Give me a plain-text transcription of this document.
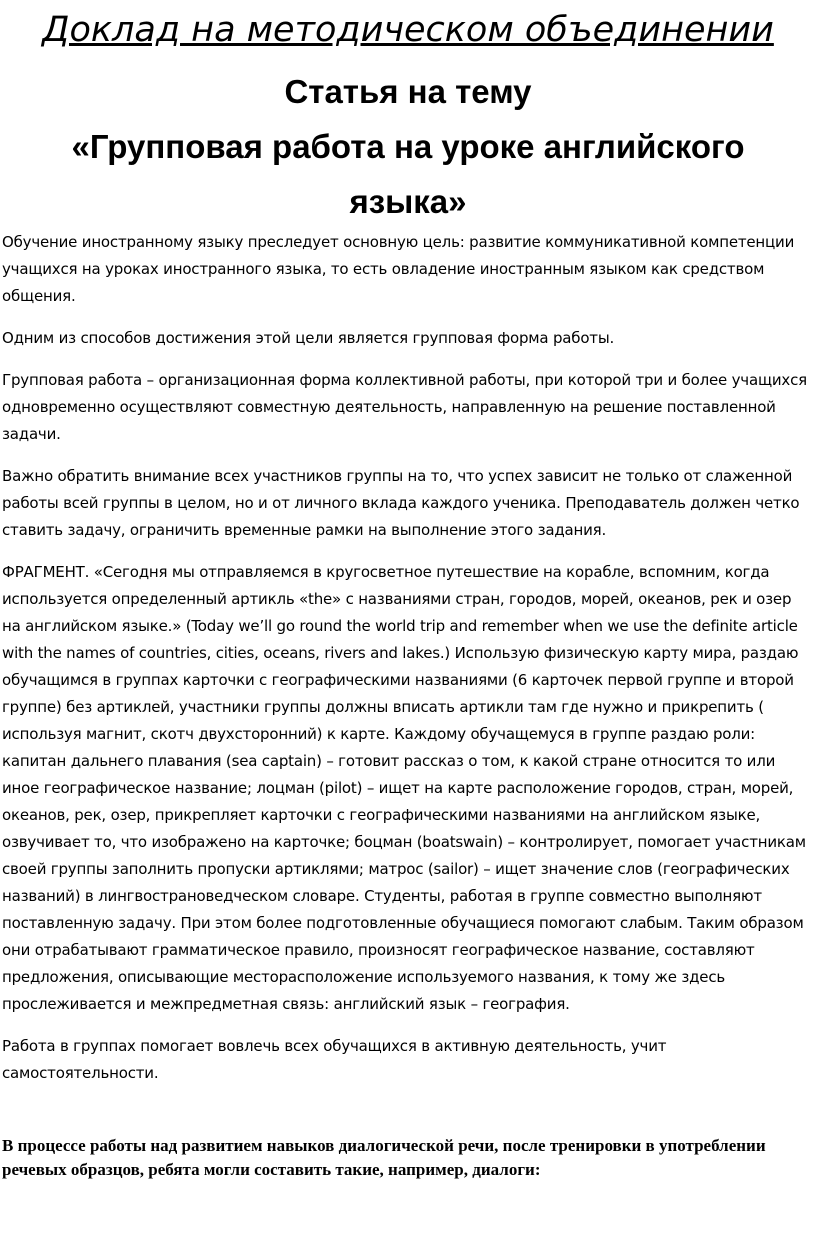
Доклад на методическом объединении
Статья на тему
«Групповая работа на уроке английского языка»

Обучение иностранному языку преследует основную цель: развитие коммуникативной компетенции учащихся на уроках иностранного языка, то есть овладение иностранным языком как средством общения.

Одним из способов достижения этой цели является групповая форма работы.

Групповая работа – организационная форма коллективной работы, при которой три и более учащихся одновременно осуществляют совместную деятельность, направленную на решение поставленной задачи.

Важно обратить внимание всех участников группы на то, что успех зависит не только от слаженной работы всей группы в целом, но и от личного вклада каждого ученика. Преподаватель должен четко ставить задачу, ограничить временные рамки на выполнение этого задания.

ФРАГМЕНТ. «Сегодня мы отправляемся в кругосветное путешествие на корабле, вспомним, когда используется определенный артикль «the» с названиями стран, городов, морей, океанов, рек и озер на английском языке.» (Today we’ll go round the world trip and remember when we use the definite article with the names of countries, cities, oceans, rivers and lakes.) Использую физическую карту мира, раздаю обучащимся в группах карточки с географическими названиями (6 карточек первой группе и второй группе) без артиклей, участники группы должны вписать артикли там где нужно и прикрепить ( используя магнит, скотч двухсторонний) к карте. Каждому обучащемуся в группе раздаю роли: капитан дальнего плавания (sea captain) – готовит рассказ о том, к какой стране относится то или иное географическое название; лоцман (pilot) – ищет на карте расположение городов, стран, морей, океанов, рек, озер, прикрепляет карточки с географическими названиями на английском языке, озвучивает то, что изображено на карточке; боцман (boatswain) – контролирует, помогает участникам своей группы заполнить пропуски артиклями; матрос (sailor) – ищет значение слов (географических названий) в лингвострановедческом словаре. Студенты, работая в группе совместно выполняют поставленную задачу. При этом более подготовленные обучащиеся помогают слабым. Таким образом они отрабатывают грамматическое правило, произносят географическое название, составляют предложения, описывающие месторасположение используемого названия, к тому же здесь прослеживается и межпредметная связь: английский язык – география.

Работа в группах помогает вовлечь всех обучащихся в активную деятельность, учит самостоятельности.

В процессе работы над развитием навыков диалогической речи, после тренировки в употреблении речевых образцов, ребята могли составить такие, например, диалоги:
